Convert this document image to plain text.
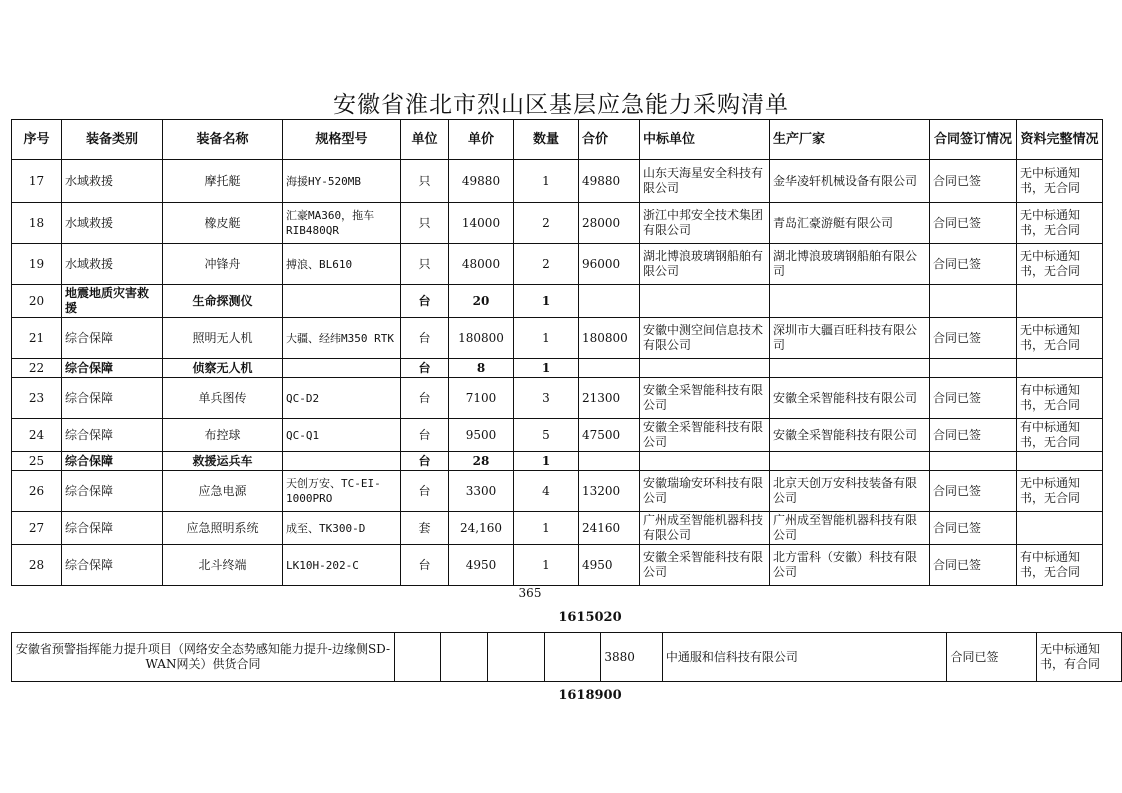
安徽省淮北市烈山区基层应急能力采购清单
序号	装备类别	装备名称	规格型号	单位	单价	数量	合价	中标单位	生产厂家	合同签订情况	资料完整情况
17	水域救援	摩托艇	海援HY-520MB	只	49880	1	49880	山东天海星安全科技有限公司	金华凌轩机械设备有限公司	合同已签	无中标通知书，无合同
18	水域救援	橡皮艇	汇豪MA360，拖车RIB480QR	只	14000	2	28000	浙江中邦安全技术集团有限公司	青岛汇豪游艇有限公司	合同已签	无中标通知书，无合同
19	水域救援	冲锋舟	搏浪、BL610	只	48000	2	96000	湖北博浪玻璃钢船舶有限公司	湖北博浪玻璃钢船舶有限公司	合同已签	无中标通知书，无合同
20	地震地质灾害救援	生命探测仪		台	20	1					
21	综合保障	照明无人机	大疆、经纬M350 RTK	台	180800	1	180800	安徽中测空间信息技术有限公司	深圳市大疆百旺科技有限公司	合同已签	无中标通知书，无合同
22	综合保障	侦察无人机		台	8	1					
23	综合保障	单兵图传	QC-D2	台	7100	3	21300	安徽全采智能科技有限公司	安徽全采智能科技有限公司	合同已签	有中标通知书，无合同
24	综合保障	布控球	QC-Q1	台	9500	5	47500	安徽全采智能科技有限公司	安徽全采智能科技有限公司	合同已签	有中标通知书，无合同
25	综合保障	救援运兵车		台	28	1					
26	综合保障	应急电源	天创万安、TC-EI-1000PRO	台	3300	4	13200	安徽瑞瑜安环科技有限公司	北京天创万安科技装备有限公司	合同已签	无中标通知书，无合同
27	综合保障	应急照明系统	成至、TK300-D	套	24,160	1	24160	广州成至智能机器科技有限公司	广州成至智能机器科技有限公司	合同已签	
28	综合保障	北斗终端	LK10H-202-C	台	4950	1	4950	安徽全采智能科技有限公司	北方雷科（安徽）科技有限公司	合同已签	有中标通知书，无合同
365
1615020
安徽省预警指挥能力提升项目（网络安全态势感知能力提升-边缘侧SD-WAN网关）供货合同					3880	中通服和信科技有限公司	合同已签	无中标通知书，有合同
1618900
